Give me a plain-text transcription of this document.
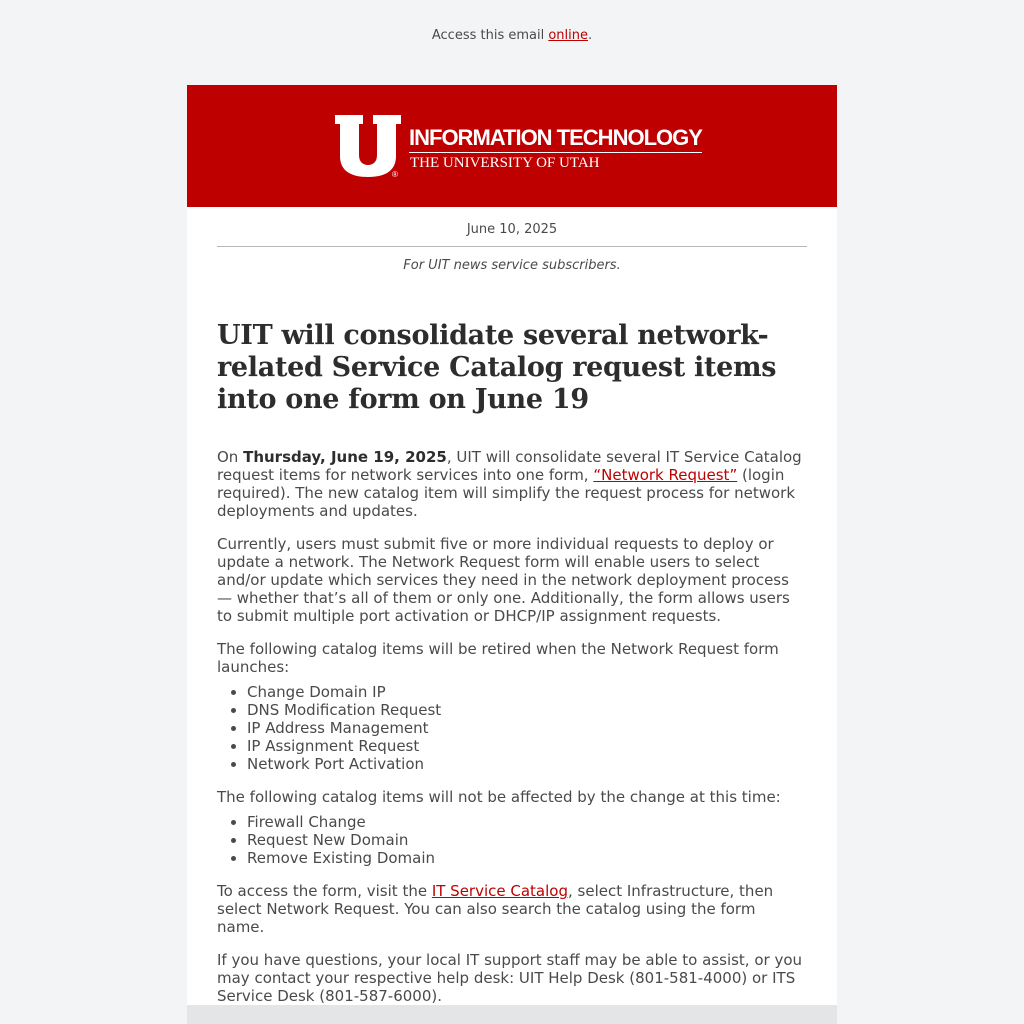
Access this email online.
®
INFORMATION TECHNOLOGY
THE UNIVERSITY OF UTAH
June 10, 2025
For UIT news service subscribers.
UIT will consolidate several network-related Service Catalog request items into one form on June 19

On Thursday, June 19, 2025, UIT will consolidate several IT Service Catalog request items for network services into one form, “Network Request” (login required). The new catalog item will simplify the request process for network deployments and updates.

Currently, users must submit five or more individual requests to deploy or update a network. The Network Request form will enable users to select and/or update which services they need in the network deployment process — whether that’s all of them or only one. Additionally, the form allows users to submit multiple port activation or DHCP/IP assignment requests.

The following catalog items will be retired when the Network Request form launches:

• Change Domain IP
• DNS Modification Request
• IP Address Management
• IP Assignment Request
• Network Port Activation

The following catalog items will not be affected by the change at this time:

• Firewall Change
• Request New Domain
• Remove Existing Domain

To access the form, visit the IT Service Catalog, select Infrastructure, then select Network Request. You can also search the catalog using the form name.

If you have questions, your local IT support staff may be able to assist, or you may contact your respective help desk: UIT Help Desk (801-581-4000) or ITS Service Desk (801-587-6000).
